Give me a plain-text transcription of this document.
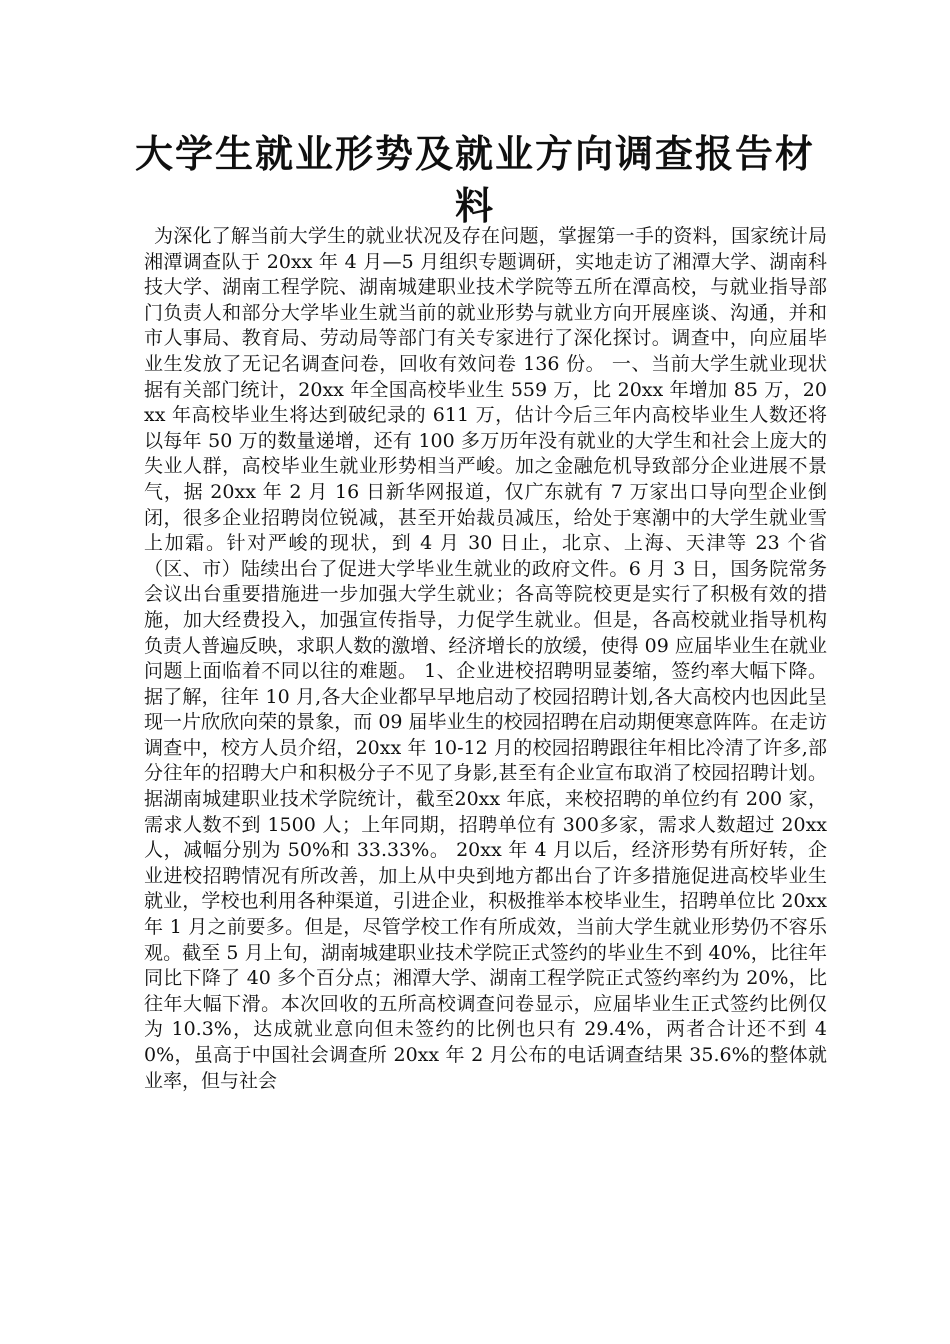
大学生就业形势及就业方向调查报告材料

为深化了解当前大学生的就业状况及存在问题，掌握第一手的资料，国家统计局湘潭调查队于 20xx 年 4 月—5 月组织专题调研，实地走访了湘潭大学、湖南科技大学、湖南工程学院、湖南城建职业技术学院等五所在潭高校，与就业指导部门负责人和部分大学毕业生就当前的就业形势与就业方向开展座谈、沟通，并和市人事局、教育局、劳动局等部门有关专家进行了深化探讨。调查中，向应届毕业生发放了无记名调查问卷，回收有效问卷 136 份。 一、当前大学生就业现状 据有关部门统计，20xx 年全国高校毕业生 559 万，比 20xx 年增加 85 万，20xx 年高校毕业生将达到破纪录的 611 万，估计今后三年内高校毕业生人数还将以每年 50 万的数量递增，还有 100 多万历年没有就业的大学生和社会上庞大的失业人群，高校毕业生就业形势相当严峻。加之金融危机导致部分企业进展不景气，据 20xx 年 2 月 16 日新华网报道，仅广东就有 7 万家出口导向型企业倒闭，很多企业招聘岗位锐减，甚至开始裁员减压，给处于寒潮中的大学生就业雪上加霜。针对严峻的现状，到 4 月 30 日止，北京、上海、天津等 23 个省（区、市）陆续出台了促进大学毕业生就业的政府文件。6 月 3 日，国务院常务会议出台重要措施进一步加强大学生就业；各高等院校更是实行了积极有效的措施，加大经费投入，加强宣传指导，力促学生就业。但是，各高校就业指导机构负责人普遍反映，求职人数的激增、经济增长的放缓，使得 09 应届毕业生在就业问题上面临着不同以往的难题。 1、企业进校招聘明显萎缩，签约率大幅下降。 据了解，往年 10 月,各大企业都早早地启动了校园招聘计划,各大高校内也因此呈现一片欣欣向荣的景象，而 09 届毕业生的校园招聘在启动期便寒意阵阵。在走访调查中，校方人员介绍，20xx 年 10-12 月的校园招聘跟往年相比冷清了许多,部分往年的招聘大户和积极分子不见了身影,甚至有企业宣布取消了校园招聘计划。据湖南城建职业技术学院统计，截至20xx 年底，来校招聘的单位约有 200 家，需求人数不到 1500 人；上年同期，招聘单位有 300多家，需求人数超过 20xx 人，减幅分别为 50%和 33.33%。 20xx 年 4 月以后，经济形势有所好转，企业进校招聘情况有所改善，加上从中央到地方都出台了许多措施促进高校毕业生就业，学校也利用各种渠道，引进企业，积极推举本校毕业生，招聘单位比 20xx 年 1 月之前要多。但是，尽管学校工作有所成效，当前大学生就业形势仍不容乐观。截至 5 月上旬，湖南城建职业技术学院正式签约的毕业生不到 40%，比往年同比下降了 40 多个百分点；湘潭大学、湖南工程学院正式签约率约为 20%，比往年大幅下滑。本次回收的五所高校调查问卷显示，应届毕业生正式签约比例仅为 10.3%，达成就业意向但未签约的比例也只有 29.4%，两者合计还不到 40%，虽高于中国社会调查所 20xx 年 2 月公布的电话调查结果 35.6%的整体就业率，但与社会
